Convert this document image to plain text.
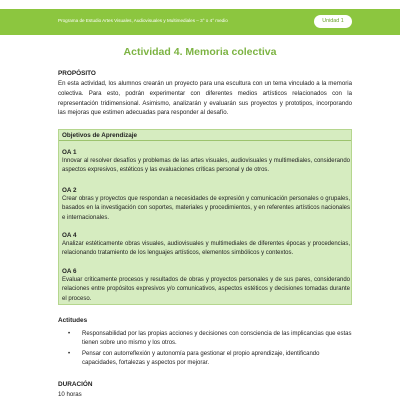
Programa de Estudio Artes Visuales, Audiovisuales y Multimediales – 3° o 4° medio	Unidad 1
Actividad 4. Memoria colectiva
PROPÓSITO

En esta actividad, los alumnos crearán un proyecto para una escultura con un tema vinculado a la memoria colectiva. Para esto, podrán experimentar con diferentes medios artísticos relacionados con la representación tridimensional. Asimismo, analizarán y evaluarán sus proyectos y prototipos, incorporando las mejoras que estimen adecuadas para responder al desafío.

Objetivos de Aprendizaje
OA 1

Innovar al resolver desafíos y problemas de las artes visuales, audiovisuales y multimediales, considerando aspectos expresivos, estéticos y las evaluaciones críticas personal y de otros.

OA 2

Crear obras y proyectos que respondan a necesidades de expresión y comunicación personales o grupales, basados en la investigación con soportes, materiales y procedimientos, y en referentes artísticos nacionales e internacionales.

OA 4

Analizar estéticamente obras visuales, audiovisuales y multimediales de diferentes épocas y procedencias, relacionando tratamiento de los lenguajes artísticos, elementos simbólicos y contextos.

OA 6

Evaluar críticamente procesos y resultados de obras y proyectos personales y de sus pares, considerando relaciones entre propósitos expresivos y/o comunicativos, aspectos estéticos y decisiones tomadas durante el proceso.

Actitudes
• Responsabilidad por las propias acciones y decisiones con consciencia de las implicancias que estas tienen sobre uno mismo y los otros.

• Pensar con autorreflexión y autonomía para gestionar el propio aprendizaje, identificando capacidades, fortalezas y aspectos por mejorar.

DURACIÓN
10 horas
